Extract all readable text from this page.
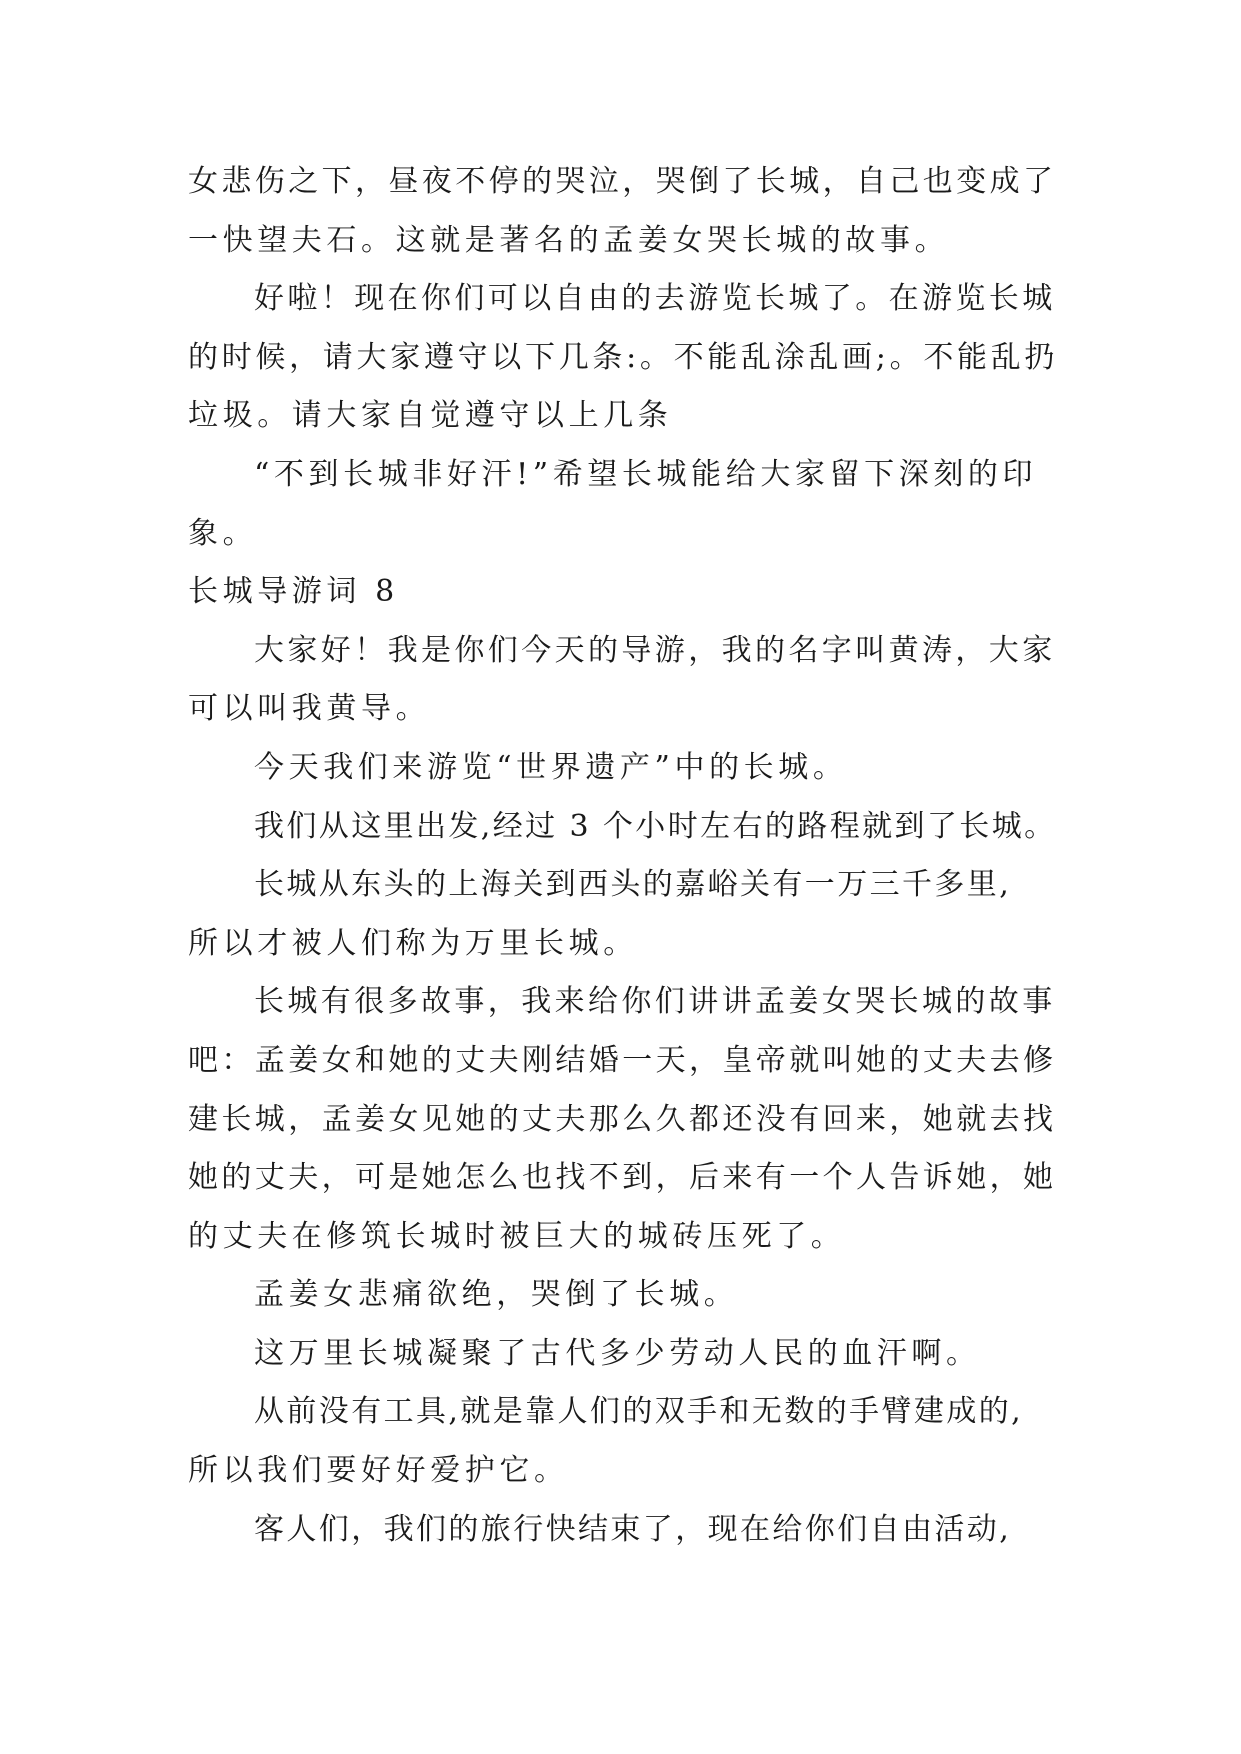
女悲伤之下，昼夜不停的哭泣，哭倒了长城，自己也变成了
一快望夫石。这就是著名的孟姜女哭长城的故事。
好啦！现在你们可以自由的去游览长城了。在游览长城
的时候，请大家遵守以下几条:。不能乱涂乱画;。不能乱扔
垃圾。请大家自觉遵守以上几条
“不到长城非好汗!”希望长城能给大家留下深刻的印
象。
长城导游词 8
大家好！我是你们今天的导游，我的名字叫黄涛，大家
可以叫我黄导。
今天我们来游览“世界遗产”中的长城。
我们从这里出发,经过 3 个小时左右的路程就到了长城。
长城从东头的上海关到西头的嘉峪关有一万三千多里,
所以才被人们称为万里长城。
长城有很多故事，我来给你们讲讲孟姜女哭长城的故事
吧：孟姜女和她的丈夫刚结婚一天，皇帝就叫她的丈夫去修
建长城，孟姜女见她的丈夫那么久都还没有回来，她就去找
她的丈夫，可是她怎么也找不到，后来有一个人告诉她，她
的丈夫在修筑长城时被巨大的城砖压死了。
孟姜女悲痛欲绝，哭倒了长城。
这万里长城凝聚了古代多少劳动人民的血汗啊。
从前没有工具,就是靠人们的双手和无数的手臂建成的,
所以我们要好好爱护它。
客人们，我们的旅行快结束了，现在给你们自由活动,
